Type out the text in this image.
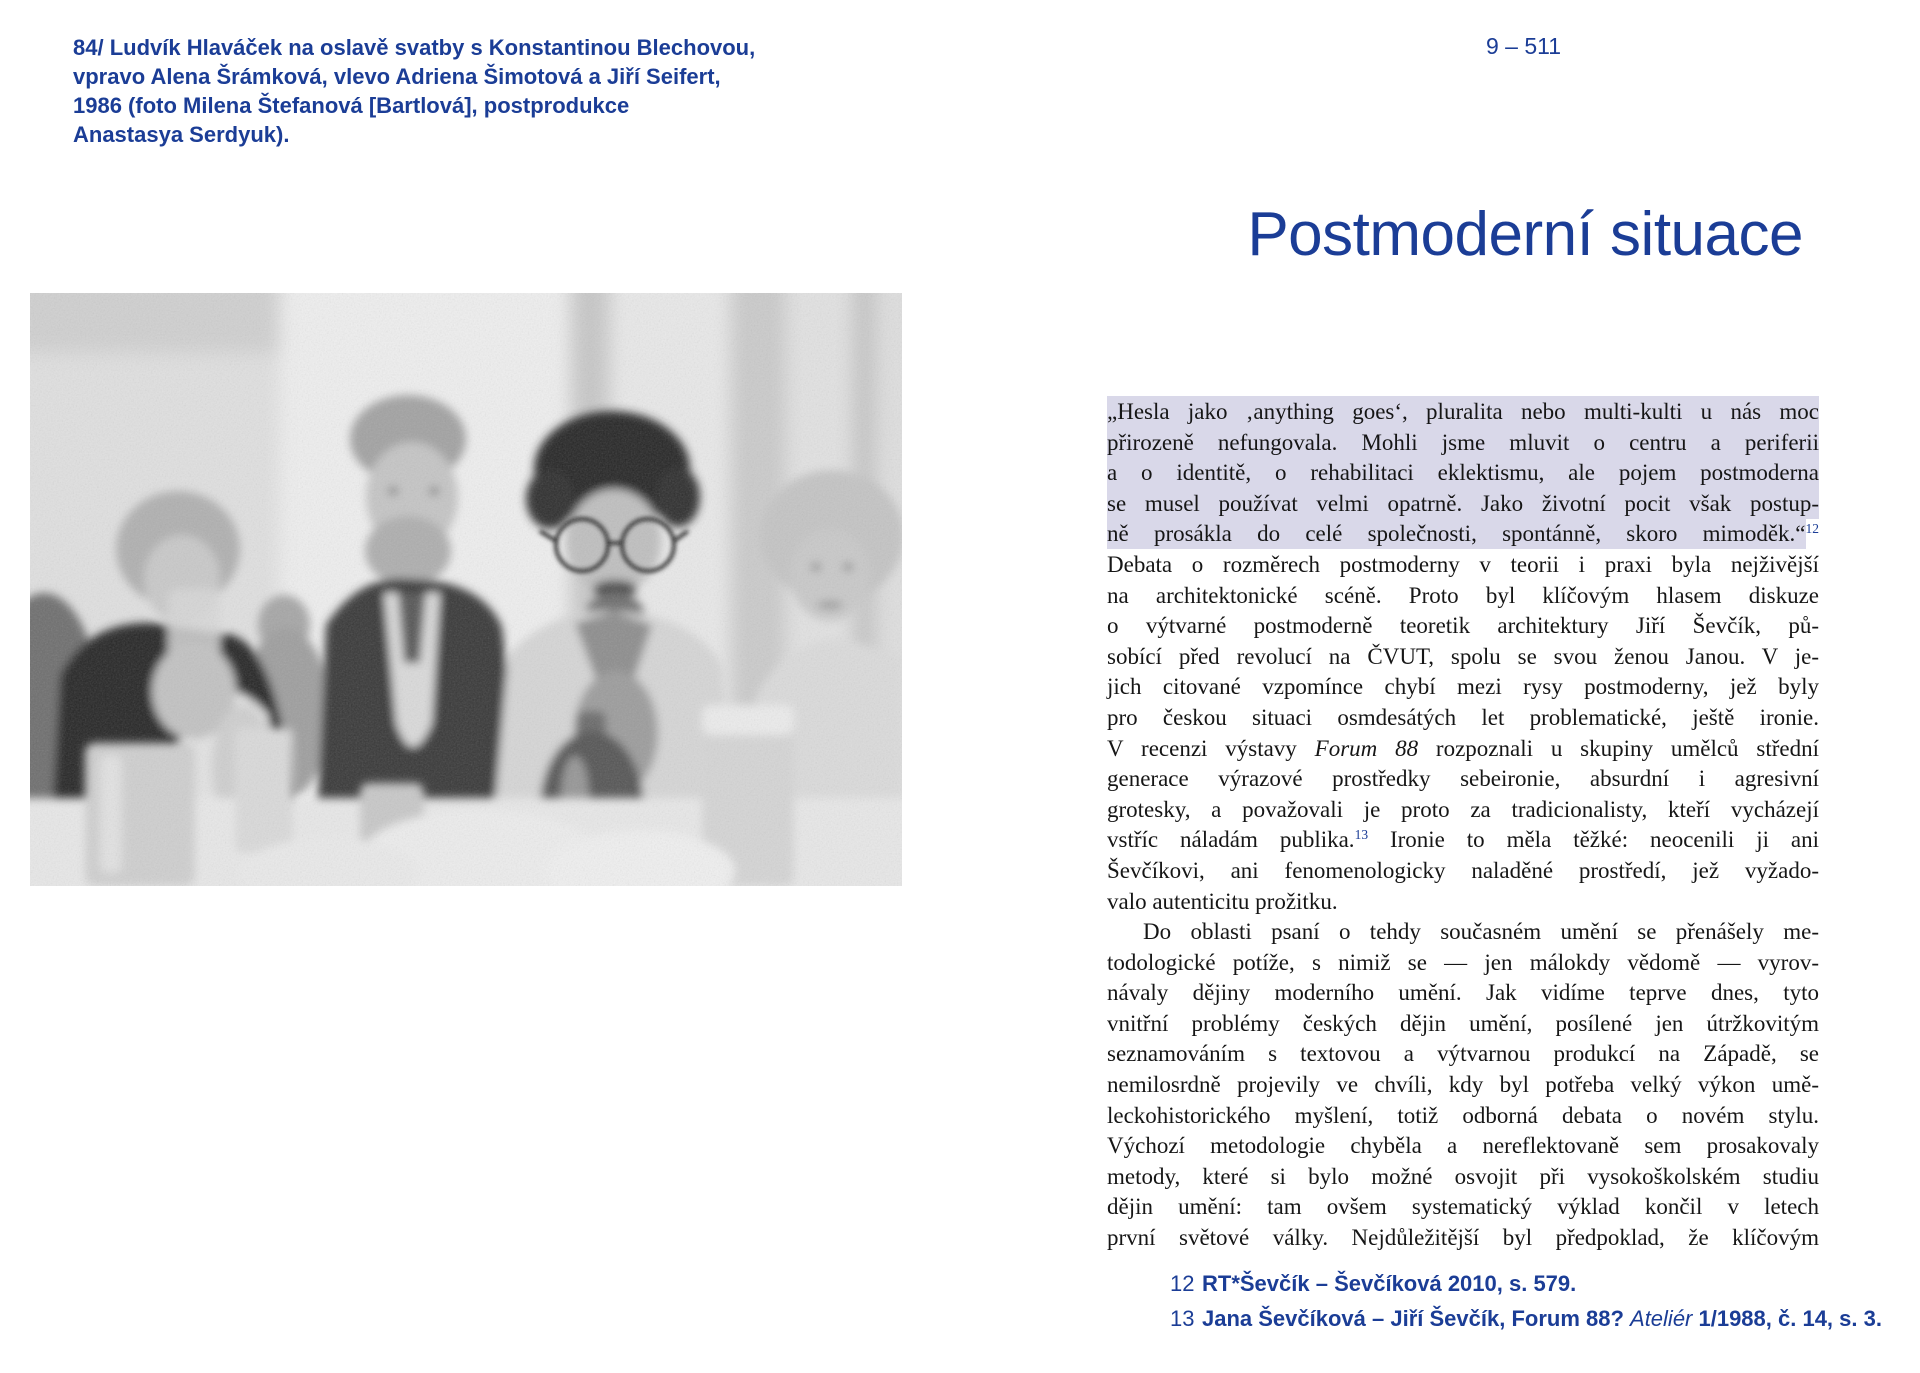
84/ Ludvík Hlaváček na oslavě svatby s Konstantinou Blechovou,
vpravo Alena Šrámková, vlevo Adriena Šimotová a Jiří Seifert,
1986 (foto Milena Štefanová [Bartlová], postprodukce
Anastasya Serdyuk).
9 – 511
Postmoderní situace
„Hesla jako ‚anything goes‘, pluralita nebo multi-kulti u nás moc
přirozeně nefungovala. Mohli jsme mluvit o centru a periferii
a o identitě, o rehabilitaci eklektismu, ale pojem postmoderna
se musel používat velmi opatrně. Jako životní pocit však postup-
ně prosákla do celé společnosti, spontánně, skoro mimoděk.“$^{12}$
Debata o rozměrech postmoderny v teorii i praxi byla nejživější
na architektonické scéně. Proto byl klíčovým hlasem diskuze
o výtvarné postmoderně teoretik architektury Jiří Ševčík, pů-
sobící před revolucí na ČVUT, spolu se svou ženou Janou. V je-
jich citované vzpomínce chybí mezi rysy postmoderny, jež byly
pro českou situaci osmdesátých let problematické, ještě ironie.
V recenzi výstavy Forum 88 rozpoznali u skupiny umělců střední
generace výrazové prostředky sebeironie, absurdní i agresivní
grotesky, a považovali je proto za tradicionalisty, kteří vycházejí
vstříc náladám publika.$^{13}$ Ironie to měla těžké: neocenili ji ani
Ševčíkovi, ani fenomenologicky naladěné prostředí, jež vyžado-
valo autenticitu prožitku.
Do oblasti psaní o tehdy současném umění se přenášely me-
todologické potíže, s nimiž se — jen málokdy vědomě — vyrov-
návaly dějiny moderního umění. Jak vidíme teprve dnes, tyto
vnitřní problémy českých dějin umění, posílené jen útržkovitým
seznamováním s textovou a výtvarnou produkcí na Západě, se
nemilosrdně projevily ve chvíli, kdy byl potřeba velký výkon umě-
leckohistorického myšlení, totiž odborná debata o novém stylu.
Výchozí metodologie chyběla a nereflektovaně sem prosakovaly
metody, které si bylo možné osvojit při vysokoškolském studiu
dějin umění: tam ovšem systematický výklad končil v letech
první světové války. Nejdůležitější byl předpoklad, že klíčovým
12 RT*Ševčík – Ševčíková 2010, s. 579.
13 Jana Ševčíková – Jiří Ševčík, Forum 88? Ateliér 1/1988, č. 14, s. 3.
